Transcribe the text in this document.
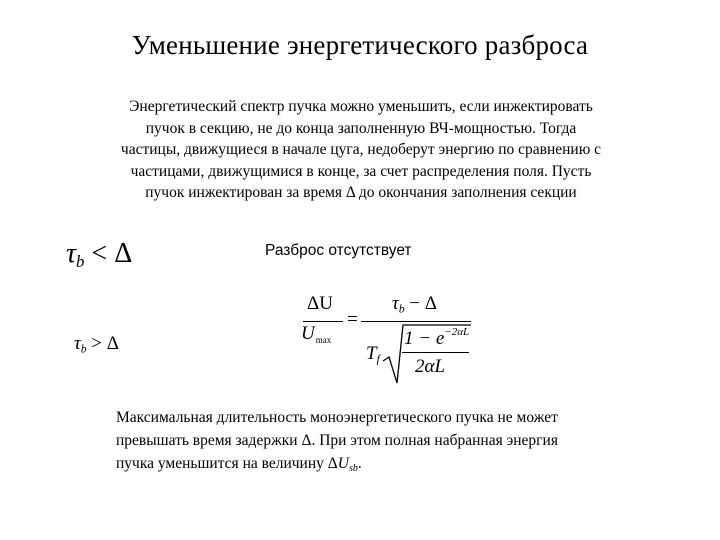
Уменьшение энергетического разброса
Энергетический спектр пучка можно уменьшить, если инжектировать
пучок в секцию, не до конца заполненную ВЧ-мощностью. Тогда
частицы, движущиеся в начале цуга, недоберут энергию по сравнению с
частицами, движущимися в конце, за счет распределения поля. Пусть
пучок инжектирован за время Δ до окончания заполнения секции
$\tau_b < \Delta$	Разброс отсутствует
$\tau_b > \Delta$
ΔU
$U_{max}$
=
$\tau_b - \Delta$
$T_f$
$1 - e^{-2\alpha L}$
2αL
Максимальная длительность моноэнергетического пучка не может
превышать время задержки Δ. При этом полная набранная энергия
пучка уменьшится на величину $\Delta U_{sb}$.
